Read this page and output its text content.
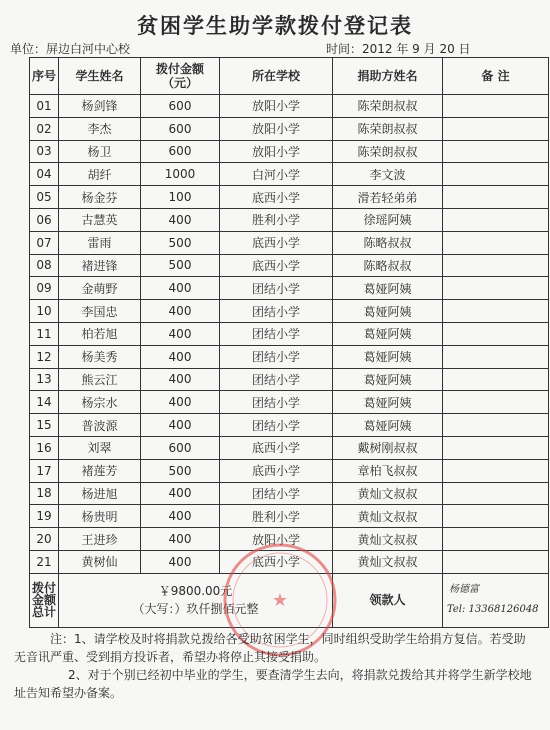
贫困学生助学款拨付登记表
单位：屏边白河中心校	时间：2012 年 9 月 20 日
序号	学生姓名	拨付金额（元）	所在学校	捐助方姓名	备 注
01	杨剑锋	600	放阳小学	陈荣朗叔叔	
02	李杰	600	放阳小学	陈荣朗叔叔	
03	杨卫	600	放阳小学	陈荣朗叔叔	
04	胡纤	1000	白河小学	李文波	
05	杨金芬	100	底西小学	滑若轻弟弟	
06	古慧英	400	胜利小学	徐瑶阿姨	
07	雷雨	500	底西小学	陈略叔叔	
08	褚进锋	500	底西小学	陈略叔叔	
09	金萌野	400	团结小学	葛娅阿姨	
10	李国忠	400	团结小学	葛娅阿姨	
11	柏若旭	400	团结小学	葛娅阿姨	
12	杨美秀	400	团结小学	葛娅阿姨	
13	熊云江	400	团结小学	葛娅阿姨	
14	杨宗水	400	团结小学	葛娅阿姨	
15	普波源	400	团结小学	葛娅阿姨	
16	刘翠	600	底西小学	戴树刚叔叔	
17	褚莲芳	500	底西小学	章柏飞叔叔	
18	杨进旭	400	团结小学	黄灿文叔叔	
19	杨贵明	400	胜利小学	黄灿文叔叔	
20	王进珍	400	放阳小学	黄灿文叔叔	
21	黄树仙	400	底西小学	黄灿文叔叔	
拨付金额总计	￥9800.00元
（大写：）玖仟捌佰元整			领款人	杨德富
Tel: 13368126048
★

注：1、请学校及时将捐款兑拨给各受助贫困学生，同时组织受助学生给捐方复信。若受助无音讯严重、受到捐方投诉者，希望办将停止其接受捐助。

2、对于个别已经初中毕业的学生，要查清学生去向，将捐款兑拨给其并将学生新学校地址告知希望办备案。
